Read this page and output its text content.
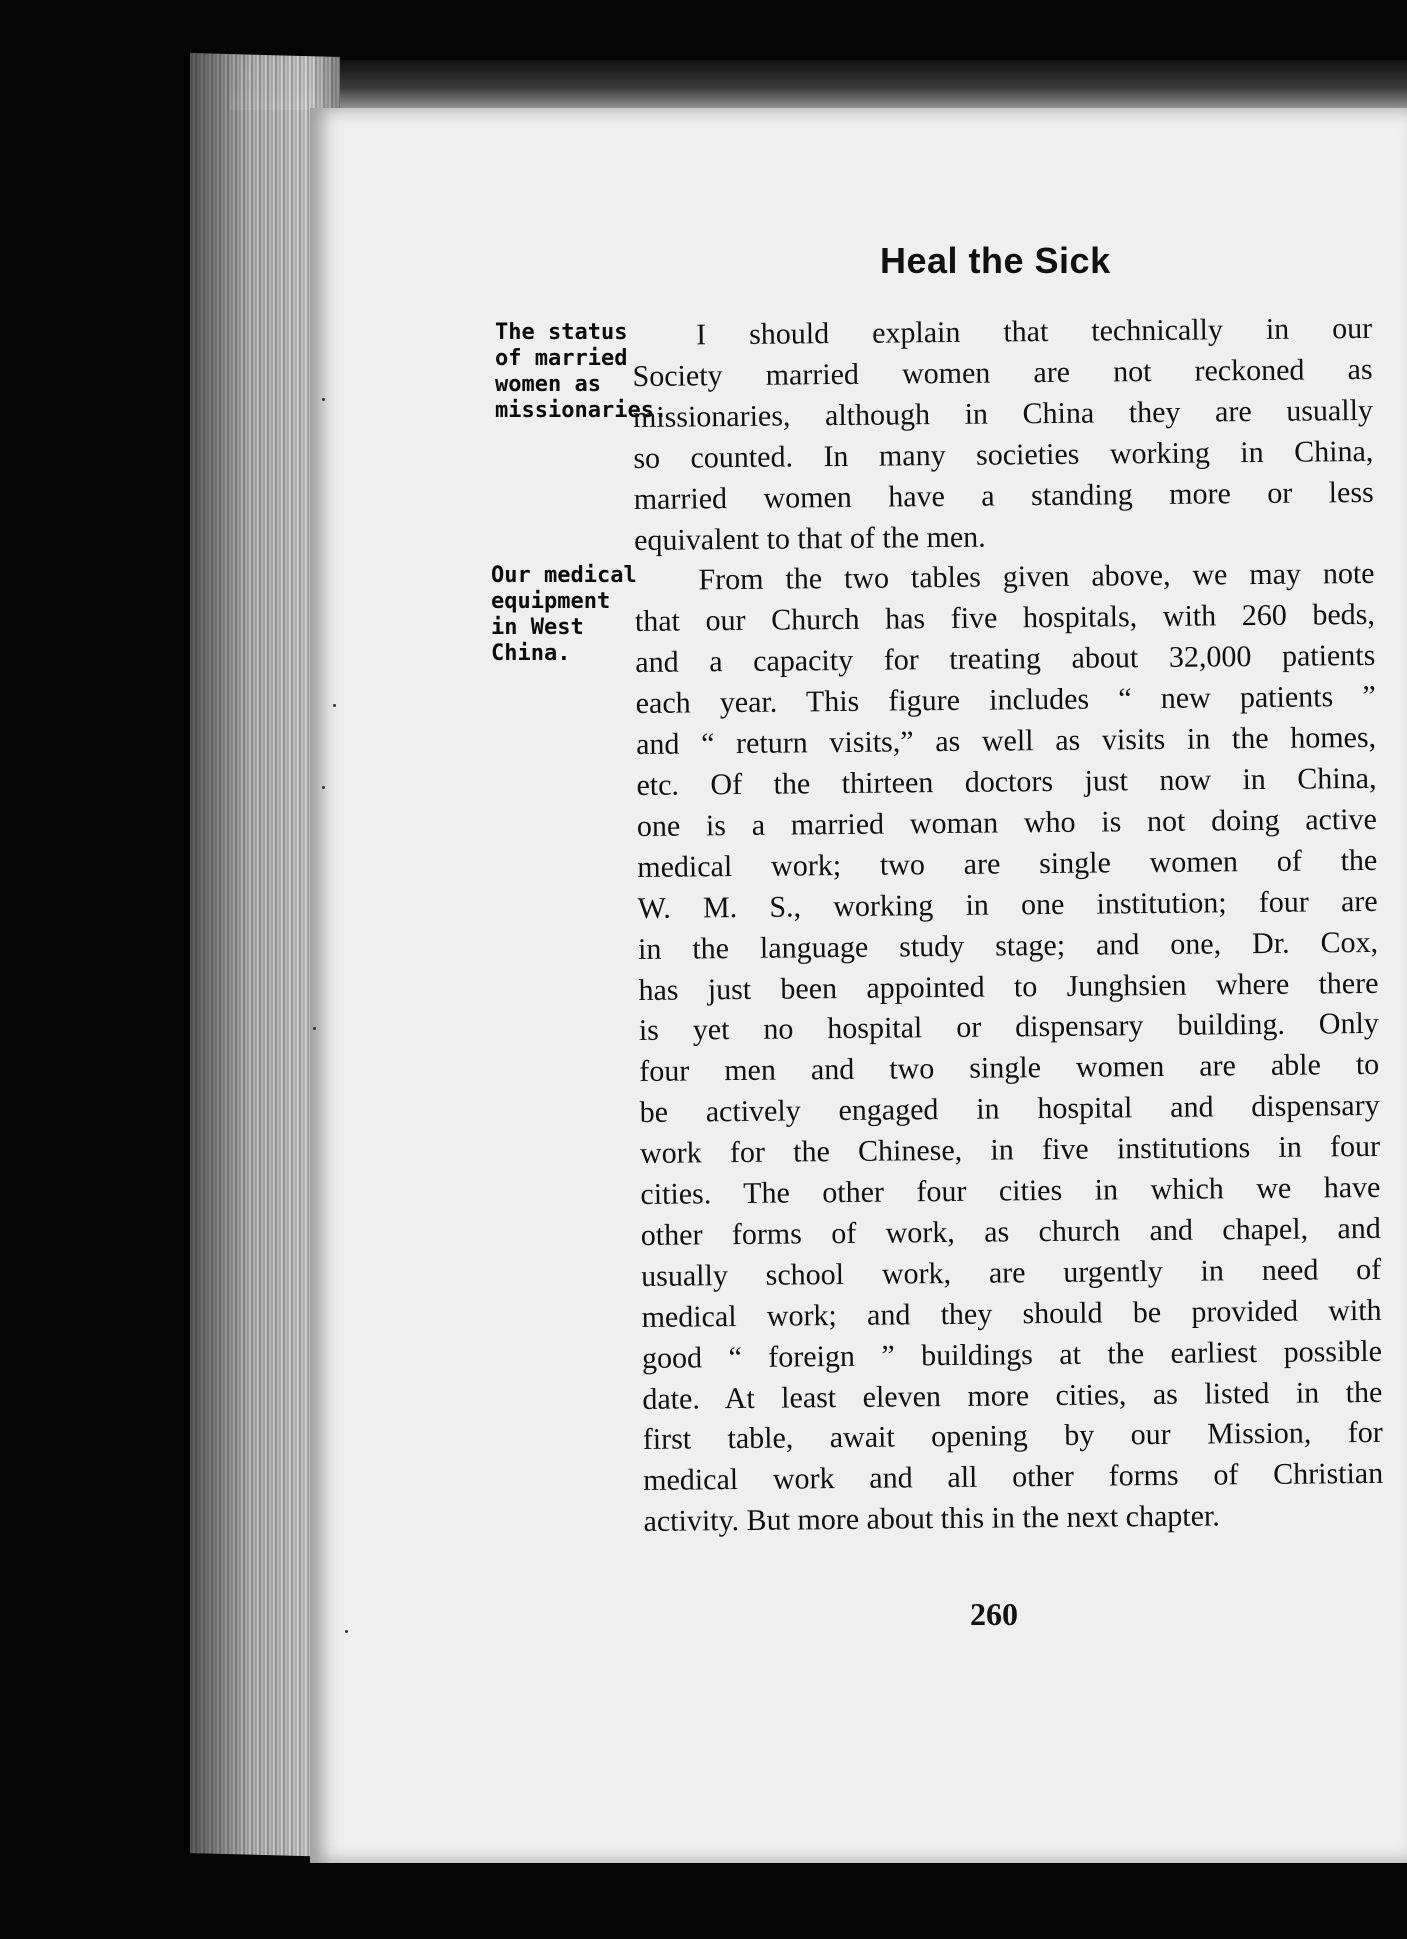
Heal the Sick
The status
of married
women as
missionaries.
Our medical
equipment
in West
China.
I should explain that technically in our
Society married women are not reckoned as
missionaries, although in China they are usually
so counted. In many societies working in China,
married women have a standing more or less
equivalent to that of the men.
From the two tables given above, we may note
that our Church has five hospitals, with 260 beds,
and a capacity for treating about 32,000 patients
each year. This figure includes “ new patients ”
and “ return visits,” as well as visits in the homes,
etc. Of the thirteen doctors just now in China,
one is a married woman who is not doing active
medical work; two are single women of the
W. M. S., working in one institution; four are
in the language study stage; and one, Dr. Cox,
has just been appointed to Junghsien where there
is yet no hospital or dispensary building. Only
four men and two single women are able to
be actively engaged in hospital and dispensary
work for the Chinese, in five institutions in four
cities. The other four cities in which we have
other forms of work, as church and chapel, and
usually school work, are urgently in need of
medical work; and they should be provided with
good “ foreign ” buildings at the earliest possible
date. At least eleven more cities, as listed in the
first table, await opening by our Mission, for
medical work and all other forms of Christian
activity. But more about this in the next chapter.
260
